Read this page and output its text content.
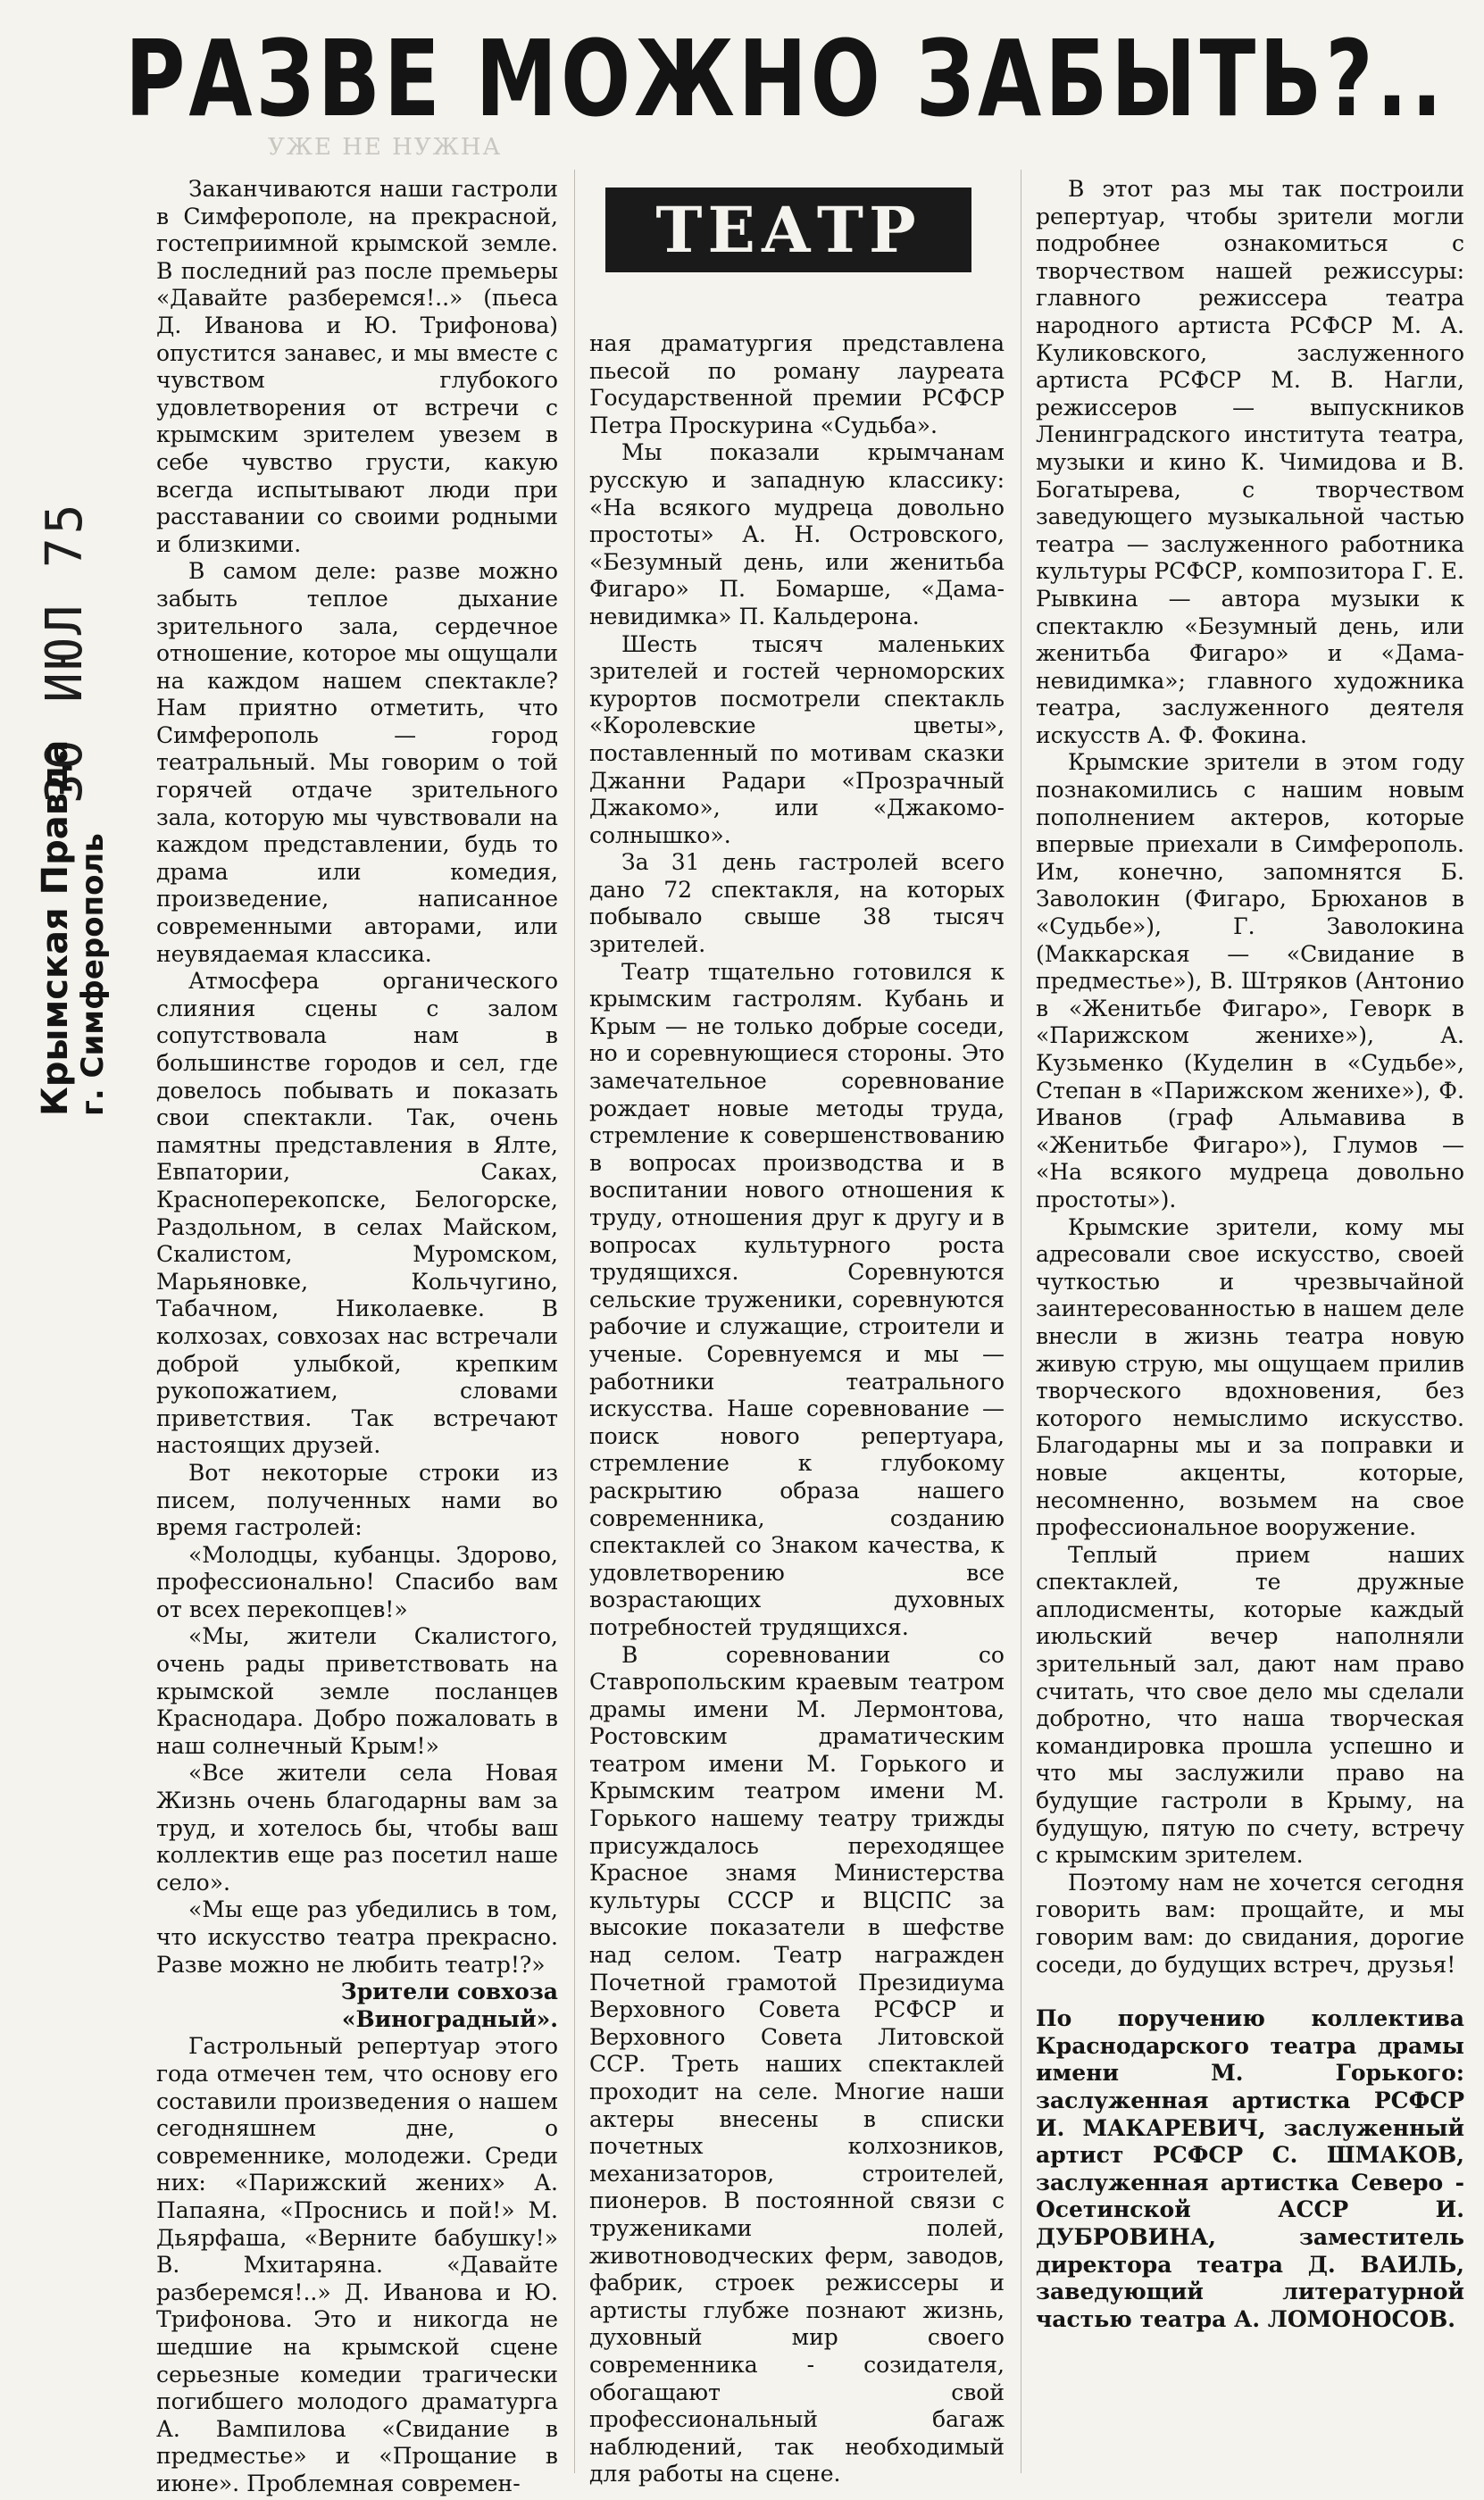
РАЗВЕ МОЖНО ЗАБЫТЬ?..
УЖЕ НЕ НУЖНА
30 ИЮЛ 75
Крымская Правда г. Симферополь
ТЕАТР

Заканчиваются наши гастроли в Симферополе, на прекрасной, гостеприимной крымской земле. В последний раз после премьеры «Давайте разберемся!..» (пьеса Д. Иванова и Ю. Трифонова) опустится занавес, и мы вместе с чувством глубокого удовлетворения от встречи с крымским зрителем увезем в себе чувство грусти, какую всегда испытывают люди при расставании со своими родными и близкими.

В самом деле: разве можно забыть теплое дыхание зрительного зала, сердечное отношение, которое мы ощущали на каждом нашем спектакле? Нам приятно отметить, что Симферополь — город театральный. Мы говорим о той горячей отдаче зрительного зала, которую мы чувствовали на каждом представлении, будь то драма или комедия, произведение, написанное современными авторами, или неувядаемая классика.

Атмосфера органического слияния сцены с залом сопутствовала нам в большинстве городов и сел, где довелось побывать и показать свои спектакли. Так, очень памятны представления в Ялте, Евпатории, Саках, Красноперекопске, Белогорске, Раздольном, в селах Майском, Скалистом, Муромском, Марьяновке, Кольчугино, Табачном, Николаевке. В колхозах, совхозах нас встречали доброй улыбкой, крепким рукопожатием, словами приветствия. Так встречают настоящих друзей.

Вот некоторые строки из писем, полученных нами во время гастролей:

«Молодцы, кубанцы. Здорово, профессионально! Спасибо вам от всех перекопцев!»

«Мы, жители Скалистого, очень рады приветствовать на крымской земле посланцев Краснодара. Добро пожаловать в наш солнечный Крым!»

«Все жители села Новая Жизнь очень благодарны вам за труд, и хотелось бы, чтобы ваш коллектив еще раз посетил наше село».

«Мы еще раз убедились в том, что искусство театра прекрасно. Разве можно не любить театр!?»

Зрители совхоза «Виноградный».

Гастрольный репертуар этого года отмечен тем, что основу его составили произведения о нашем сегодняшнем дне, о современнике, молодежи. Среди них: «Парижский жених» А. Папаяна, «Проснись и пой!» М. Дьярфаша, «Верните бабушку!» В. Мхитаряна. «Давайте разберемся!..» Д. Иванова и Ю. Трифонова. Это и никогда не шедшие на крымской сцене серьезные комедии трагически погибшего молодого драматурга А. Вампилова «Свидание в предместье» и «Прощание в июне». Проблемная современ-

ная драматургия представлена пьесой по роману лауреата Государственной премии РСФСР Петра Проскурина «Судьба».

Мы показали крымчанам русскую и западную классику: «На всякого мудреца довольно простоты» А. Н. Островского, «Безумный день, или женитьба Фигаро» П. Бомарше, «Дама-невидимка» П. Кальдерона.

Шесть тысяч маленьких зрителей и гостей черноморских курортов посмотрели спектакль «Королевские цветы», поставленный по мотивам сказки Джанни Радари «Прозрачный Джакомо», или «Джакомо-солнышко».

За 31 день гастролей всего дано 72 спектакля, на которых побывало свыше 38 тысяч зрителей.

Театр тщательно готовился к крымским гастролям. Кубань и Крым — не только добрые соседи, но и соревнующиеся стороны. Это замечательное соревнование рождает новые методы труда, стремление к совершенствованию в вопросах производства и в воспитании нового отношения к труду, отношения друг к другу и в вопросах культурного роста трудящихся. Соревнуются сельские труженики, соревнуются рабочие и служащие, строители и ученые. Соревнуемся и мы — работники театрального искусства. Наше соревнование — поиск нового репертуара, стремление к глубокому раскрытию образа нашего современника, созданию спектаклей со Знаком качества, к удовлетворению все возрастающих духовных потребностей трудящихся.

В соревновании со Ставропольским краевым театром драмы имени М. Лермонтова, Ростовским драматическим театром имени М. Горького и Крымским театром имени М. Горького нашему театру трижды присуждалось переходящее Красное знамя Министерства культуры СССР и ВЦСПС за высокие показатели в шефстве над селом. Театр награжден Почетной грамотой Президиума Верховного Совета РСФСР и Верховного Совета Литовской ССР. Треть наших спектаклей проходит на селе. Многие наши актеры внесены в списки почетных колхозников, механизаторов, строителей, пионеров. В постоянной связи с тружениками полей, животноводческих ферм, заводов, фабрик, строек режиссеры и артисты глубже познают жизнь, духовный мир своего современника - созидателя, обогащают свой профессиональный багаж наблюдений, так необходимый для работы на сцене.

В этот раз мы так построили репертуар, чтобы зрители могли подробнее ознакомиться с творчеством нашей режиссуры: главного режиссера театра народного артиста РСФСР М. А. Куликовского, заслуженного артиста РСФСР М. В. Нагли, режиссеров — выпускников Ленинградского института театра, музыки и кино К. Чимидова и В. Богатырева, с творчеством заведующего музыкальной частью театра — заслуженного работника культуры РСФСР, композитора Г. Е. Рывкина — автора музыки к спектаклю «Безумный день, или женитьба Фигаро» и «Дама-невидимка»; главного художника театра, заслуженного деятеля искусств А. Ф. Фокина.

Крымские зрители в этом году познакомились с нашим новым пополнением актеров, которые впервые приехали в Симферополь. Им, конечно, запомнятся Б. Заволокин (Фигаро, Брюханов в «Судьбе»), Г. Заволокина (Маккарская — «Свидание в предместье»), В. Штряков (Антонио в «Женитьбе Фигаро», Геворк в «Парижском женихе»), А. Кузьменко (Куделин в «Судьбе», Степан в «Парижском женихе»), Ф. Иванов (граф Альмавива в «Женитьбе Фигаро»), Глумов — «На всякого мудреца довольно простоты»).

Крымские зрители, кому мы адресовали свое искусство, своей чуткостью и чрезвычайной заинтересованностью в нашем деле внесли в жизнь театра новую живую струю, мы ощущаем прилив творческого вдохновения, без которого немыслимо искусство. Благодарны мы и за поправки и новые акценты, которые, несомненно, возьмем на свое профессиональное вооружение.

Теплый прием наших спектаклей, те дружные аплодисменты, которые каждый июльский вечер наполняли зрительный зал, дают нам право считать, что свое дело мы сделали добротно, что наша творческая командировка прошла успешно и что мы заслужили право на будущие гастроли в Крыму, на будущую, пятую по счету, встречу с крымским зрителем.

Поэтому нам не хочется сегодня говорить вам: прощайте, и мы говорим вам: до свидания, дорогие соседи, до будущих встреч, друзья!

По поручению коллектива Краснодарского театра драмы имени М. Горького: заслуженная артистка РСФСР И. МАКАРЕВИЧ, заслуженный артист РСФСР С. ШМАКОВ, заслуженная артистка Северо - Осетинской АССР И. ДУБРОВИНА, заместитель директора театра Д. ВАИЛЬ, заведующий литературной частью театра А. ЛОМОНОСОВ.
